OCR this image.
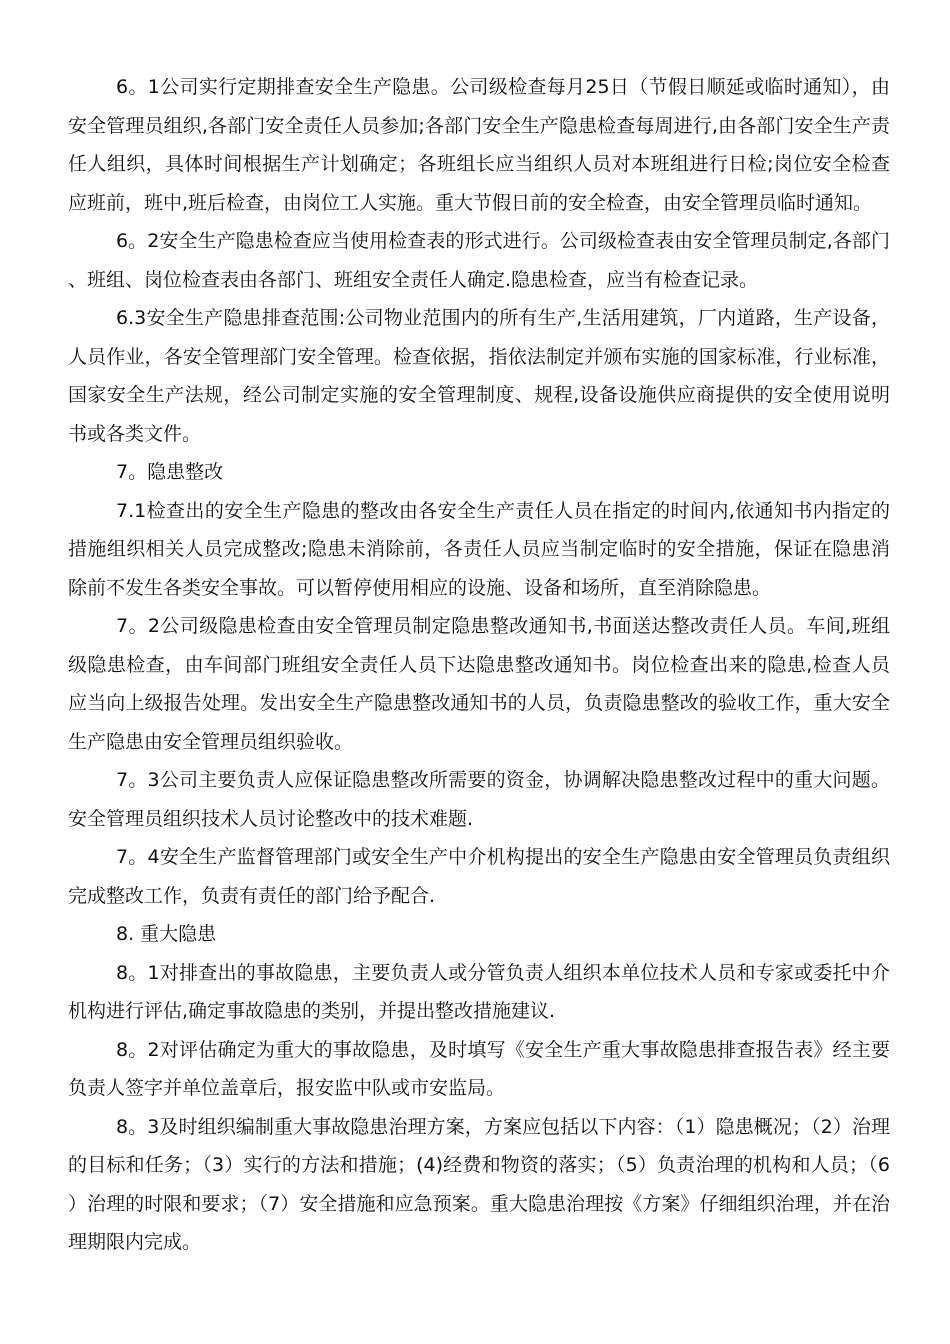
6。1公司实行定期排查安全生产隐患。公司级检查每月25日（节假日顺延或临时通知），由安全管理员组织,各部门安全责任人员参加;各部门安全生产隐患检查每周进行,由各部门安全生产责任人组织，具体时间根据生产计划确定；各班组长应当组织人员对本班组进行日检;岗位安全检查应班前，班中,班后检查，由岗位工人实施。重大节假日前的安全检查，由安全管理员临时通知。

6。2安全生产隐患检查应当使用检查表的形式进行。公司级检查表由安全管理员制定,各部门、班组、岗位检查表由各部门、班组安全责任人确定.隐患检查，应当有检查记录。

6.3安全生产隐患排查范围:公司物业范围内的所有生产,生活用建筑，厂内道路，生产设备，人员作业，各安全管理部门安全管理。检查依据，指依法制定并颁布实施的国家标准，行业标准，国家安全生产法规，经公司制定实施的安全管理制度、规程,设备设施供应商提供的安全使用说明书或各类文件。

7。隐患整改

7.1检查出的安全生产隐患的整改由各安全生产责任人员在指定的时间内,依通知书内指定的措施组织相关人员完成整改;隐患未消除前，各责任人员应当制定临时的安全措施，保证在隐患消除前不发生各类安全事故。可以暂停使用相应的设施、设备和场所，直至消除隐患。

7。2公司级隐患检查由安全管理员制定隐患整改通知书,书面送达整改责任人员。车间,班组级隐患检查，由车间部门班组安全责任人员下达隐患整改通知书。岗位检查出来的隐患,检查人员应当向上级报告处理。发出安全生产隐患整改通知书的人员，负责隐患整改的验收工作，重大安全生产隐患由安全管理员组织验收。

7。3公司主要负责人应保证隐患整改所需要的资金，协调解决隐患整改过程中的重大问题。安全管理员组织技术人员讨论整改中的技术难题.

7。4安全生产监督管理部门或安全生产中介机构提出的安全生产隐患由安全管理员负责组织完成整改工作，负责有责任的部门给予配合.

8. 重大隐患

8。1对排查出的事故隐患，主要负责人或分管负责人组织本单位技术人员和专家或委托中介机构进行评估,确定事故隐患的类别，并提出整改措施建议.

8。2对评估确定为重大的事故隐患，及时填写《安全生产重大事故隐患排查报告表》经主要负责人签字并单位盖章后，报安监中队或市安监局。

8。3及时组织编制重大事故隐患治理方案，方案应包括以下内容：（1）隐患概况；（2）治理的目标和任务；（3）实行的方法和措施；(4)经费和物资的落实；（5）负责治理的机构和人员；（6）治理的时限和要求；（7）安全措施和应急预案。重大隐患治理按《方案》仔细组织治理，并在治理期限内完成。
